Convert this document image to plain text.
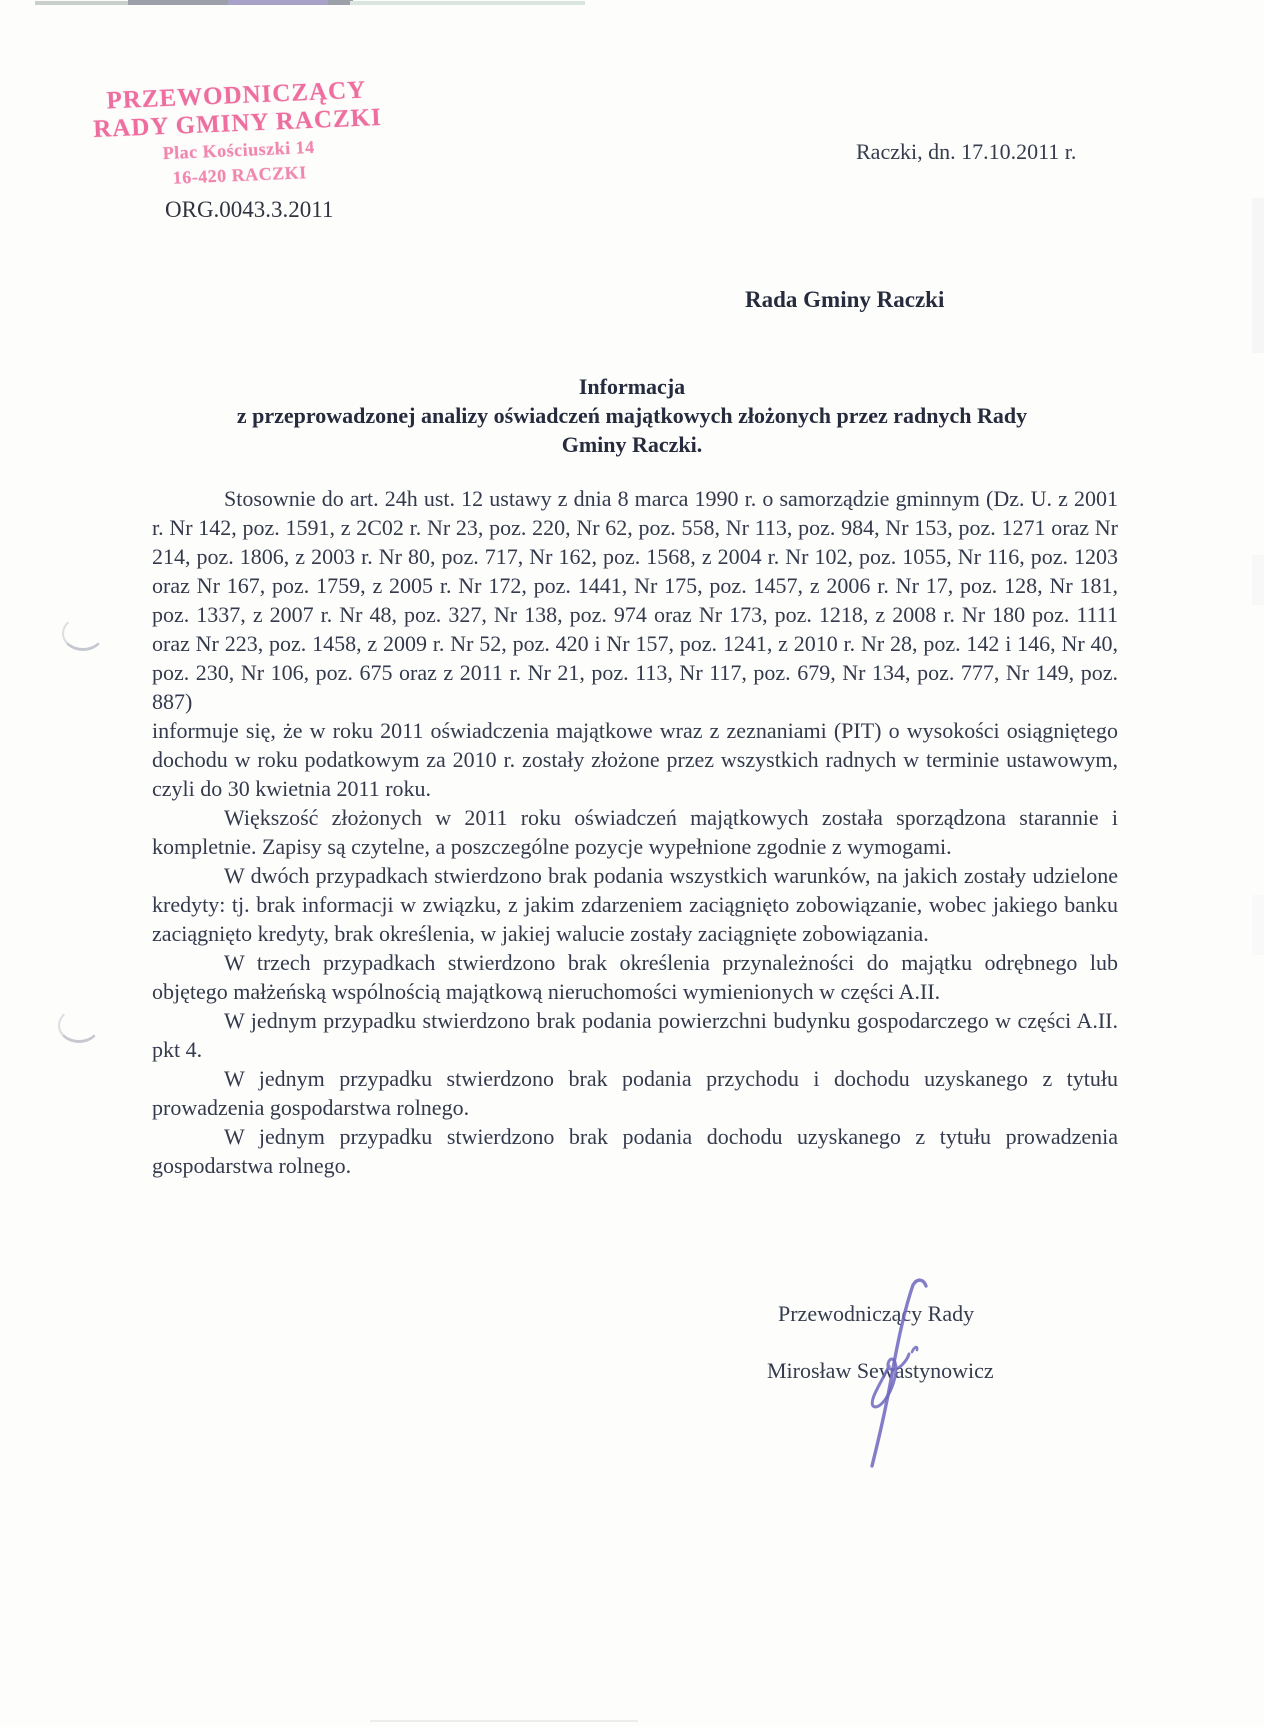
PRZEWODNICZĄCY
RADY GMINY RACZKI
Plac Kościuszki 14
16-420 RACZKI
ORG.0043.3.2011
Raczki, dn. 17.10.2011 r.
Rada Gminy Raczki
Informacja
z przeprowadzonej analizy oświadczeń majątkowych złożonych przez radnych Rady
Gminy Raczki.

Stosownie do art. 24h ust. 12 ustawy z dnia 8 marca 1990 r. o samorządzie gminnym (Dz. U. z 2001 r. Nr 142, poz. 1591, z 2C02 r. Nr 23, poz. 220, Nr 62, poz. 558, Nr 113, poz. 984, Nr 153, poz. 1271 oraz Nr 214, poz. 1806, z 2003 r. Nr 80, poz. 717, Nr 162, poz. 1568, z 2004 r. Nr 102, poz. 1055, Nr 116, poz. 1203 oraz Nr 167, poz. 1759, z 2005 r. Nr 172, poz. 1441, Nr 175, poz. 1457, z 2006 r. Nr 17, poz. 128, Nr 181, poz. 1337, z 2007 r. Nr 48, poz. 327, Nr 138, poz. 974 oraz Nr 173, poz. 1218, z 2008 r. Nr 180 poz. 1111 oraz Nr 223, poz. 1458, z 2009 r. Nr 52, poz. 420 i Nr 157, poz. 1241, z 2010 r. Nr 28, poz. 142 i 146, Nr 40, poz. 230, Nr 106, poz. 675 oraz z 2011 r. Nr 21, poz. 113, Nr 117, poz. 679, Nr 134, poz. 777, Nr 149, poz. 887)

informuje się, że w roku 2011 oświadczenia majątkowe wraz z zeznaniami (PIT) o wysokości osiągniętego dochodu w roku podatkowym za 2010 r. zostały złożone przez wszystkich radnych w terminie ustawowym, czyli do 30 kwietnia 2011 roku.

Większość złożonych w 2011 roku oświadczeń majątkowych została sporządzona starannie i kompletnie. Zapisy są czytelne, a poszczególne pozycje wypełnione zgodnie z wymogami.

W dwóch przypadkach stwierdzono brak podania wszystkich warunków, na jakich zostały udzielone kredyty: tj. brak informacji w związku, z jakim zdarzeniem zaciągnięto zobowiązanie, wobec jakiego banku zaciągnięto kredyty, brak określenia, w jakiej walucie zostały zaciągnięte zobowiązania.

W trzech przypadkach stwierdzono brak określenia przynależności do majątku odrębnego lub objętego małżeńską wspólnością majątkową nieruchomości wymienionych w części A.II.

W jednym przypadku stwierdzono brak podania powierzchni budynku gospodarczego w części A.II. pkt 4.

W jednym przypadku stwierdzono brak podania przychodu i dochodu uzyskanego z tytułu prowadzenia gospodarstwa rolnego.

W jednym przypadku stwierdzono brak podania dochodu uzyskanego z tytułu prowadzenia gospodarstwa rolnego.

Przewodniczący Rady
Mirosław Sewastynowicz
